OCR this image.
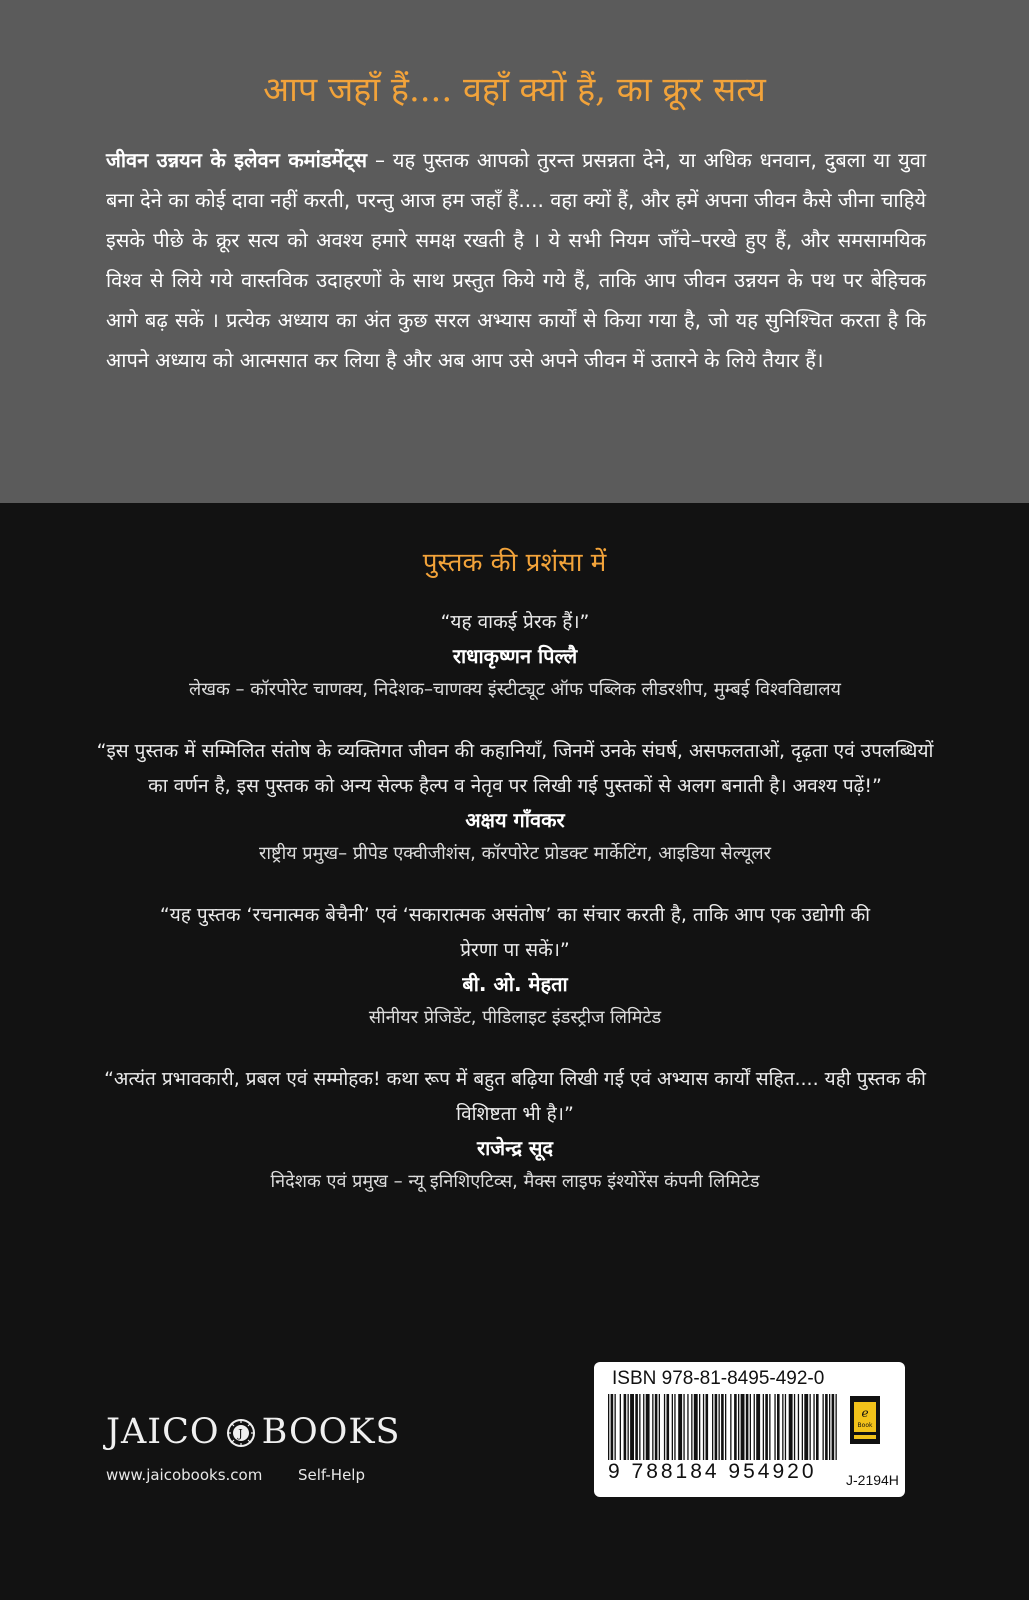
आप जहाँ हैं.... वहाँ क्यों हैं, का क्रूर सत्य
जीवन उन्नयन के इलेवन कमांडमेंट्स – यह पुस्तक आपको तुरन्त प्रसन्नता देने, या अधिक धनवान, दुबला या युवा बना देने का कोई दावा नहीं करती, परन्तु आज हम जहाँ हैं.... वहा क्यों हैं, और हमें अपना जीवन कैसे जीना चाहिये इसके पीछे के क्रूर सत्य को अवश्य हमारे समक्ष रखती है । ये सभी नियम जाँचे–परखे हुए हैं, और समसामयिक विश्व से लिये गये वास्तविक उदाहरणों के साथ प्रस्तुत किये गये हैं, ताकि आप जीवन उन्नयन के पथ पर बेहिचक आगे बढ़ सकें । प्रत्येक अध्याय का अंत कुछ सरल अभ्यास कार्यों से किया गया है, जो यह सुनिश्चित करता है कि आपने अध्याय को आत्मसात कर लिया है और अब आप उसे अपने जीवन में उतारने के लिये तैयार हैं।
पुस्तक की प्रशंसा में

“यह वाकई प्रेरक हैं।”

राधाकृष्णन पिल्लै

लेखक – कॉरपोरेट चाणक्य, निदेशक–चाणक्य इंस्टीट्यूट ऑफ पब्लिक लीडरशीप, मुम्बई विश्वविद्यालय

“इस पुस्तक में सम्मिलित संतोष के व्यक्तिगत जीवन की कहानियाँ, जिनमें उनके संघर्ष, असफलताओं, दृढ़ता एवं उपलब्धियों का वर्णन है, इस पुस्तक को अन्य सेल्फ हैल्प व नेतृव पर लिखी गई पुस्तकों से अलग बनाती है। अवश्य पढ़ें!”

अक्षय गाँवकर

राष्ट्रीय प्रमुख– प्रीपेड एक्वीजीशंस, कॉरपोरेट प्रोडक्ट मार्केटिंग, आइडिया सेल्यूलर

“यह पुस्तक ‘रचनात्मक बेचैनी’ एवं ‘सकारात्मक असंतोष’ का संचार करती है, ताकि आप एक उद्योगी की प्रेरणा पा सकें।”

बी. ओ. मेहता

सीनीयर प्रेजिडेंट, पीडिलाइट इंडस्ट्रीज लिमिटेड

“अत्यंत प्रभावकारी, प्रबल एवं सम्मोहक! कथा रूप में बहुत बढ़िया लिखी गई एवं अभ्यास कार्यों सहित.... यही पुस्तक की विशिष्टता भी है।”

राजेन्द्र सूद

निदेशक एवं प्रमुख – न्यू इनिशिएटिव्स, मैक्स लाइफ इंश्योरेंस कंपनी लिमिटेड

JAICO J BOOKS
www.jaicobooks.com Self-Help
ISBN 978-81-8495-492-0
9 788184 954920
e
Book
J-2194H
